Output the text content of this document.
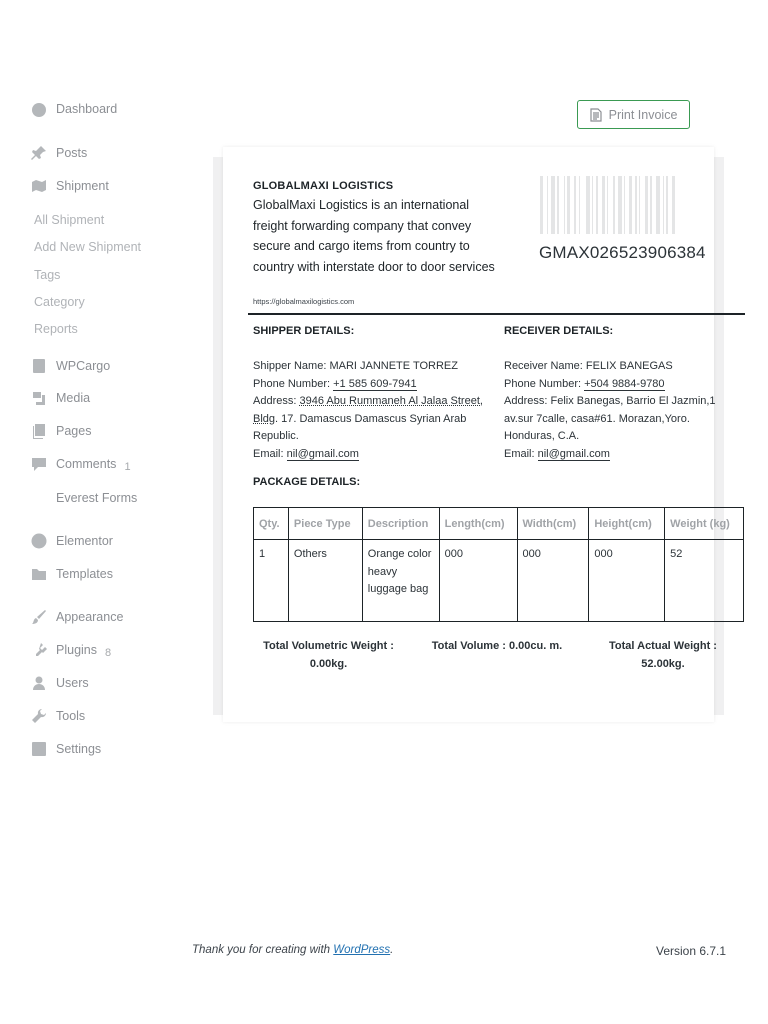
Dashboard
Posts
Shipment
All Shipment
Add New Shipment
Tags
Category
Reports
WPCargo
Media
Pages
Comments 1
Everest Forms
Elementor
Templates
Appearance
Plugins 8
Users
Tools
Settings
Print Invoice
GLOBALMAXI LOGISTICS
GlobalMaxi Logistics is an international freight forwarding company that convey secure and cargo items from country to country with interstate door to door services
https://globalmaxilogistics.com
GMAX026523906384
SHIPPER DETAILS:
Shipper Name: MARI JANNETE TORREZ
Phone Number: +1 585 609-7941
Address: 3946 Abu Rummaneh Al Jalaa Street, Bldg. 17. Damascus Damascus Syrian Arab Republic.
Email: nil@gmail.com
RECEIVER DETAILS:
Receiver Name: FELIX BANEGAS
Phone Number: +504 9884-9780
Address: Felix Banegas, Barrio El Jazmin,1 av.sur 7calle, casa#61. Morazan,Yoro. Honduras, C.A.
Email: nil@gmail.com
PACKAGE DETAILS:
Qty.	Piece Type	Description	Length(cm)	Width(cm)	Height(cm)	Weight (kg)
1	Others	Orange color heavy luggage bag	000	000	000	52
Total Volumetric Weight :
0.00kg.
Total Volume : 0.00cu. m.	Total Actual Weight :
52.00kg.
Thank you for creating with WordPress.	Version 6.7.1
